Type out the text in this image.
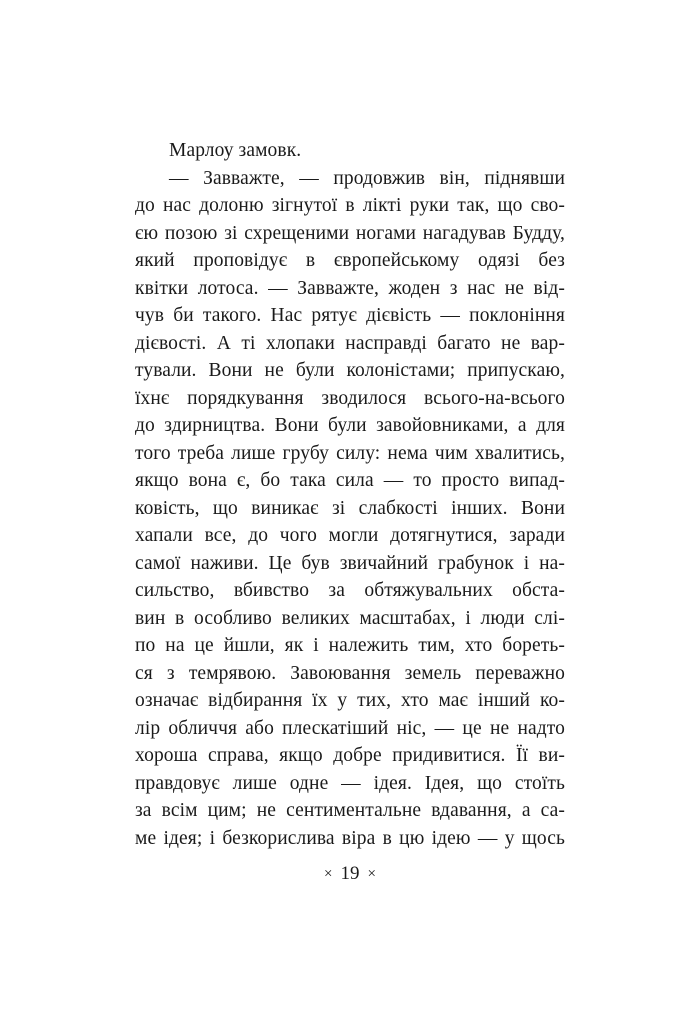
Марлоу замовк.
— Завважте, — продовжив він, піднявши
до нас долоню зігнутої в лікті руки так, що сво-
єю позою зі схрещеними ногами нагадував Будду,
який проповідує в європейському одязі без
квітки лотоса. — Завважте, жоден з нас не від-
чув би такого. Нас рятує дієвість — поклоніння
дієвості. А ті хлопаки насправді багато не вар-
тували. Вони не були колоністами; припускаю,
їхнє порядкування зводилося всього-на-всього
до здирництва. Вони були завойовниками, а для
того треба лише грубу силу: нема чим хвалитись,
якщо вона є, бо така сила — то просто випад-
ковість, що виникає зі слабкості інших. Вони
хапали все, до чого могли дотягнутися, заради
самої наживи. Це був звичайний грабунок і на-
сильство, вбивство за обтяжувальних обста-
вин в особливо великих масштабах, і люди слі-
по на це йшли, як і належить тим, хто бореть-
ся з темрявою. Завоювання земель переважно
означає відбирання їх у тих, хто має інший ко-
лір обличчя або плескатіший ніс, — це не надто
хороша справа, якщо добре придивитися. Її ви-
правдовує лише одне — ідея. Ідея, що стоїть
за всім цим; не сентиментальне вдавання, а са-
ме ідея; і безкорислива віра в цю ідею — у щось
× 19 ×
